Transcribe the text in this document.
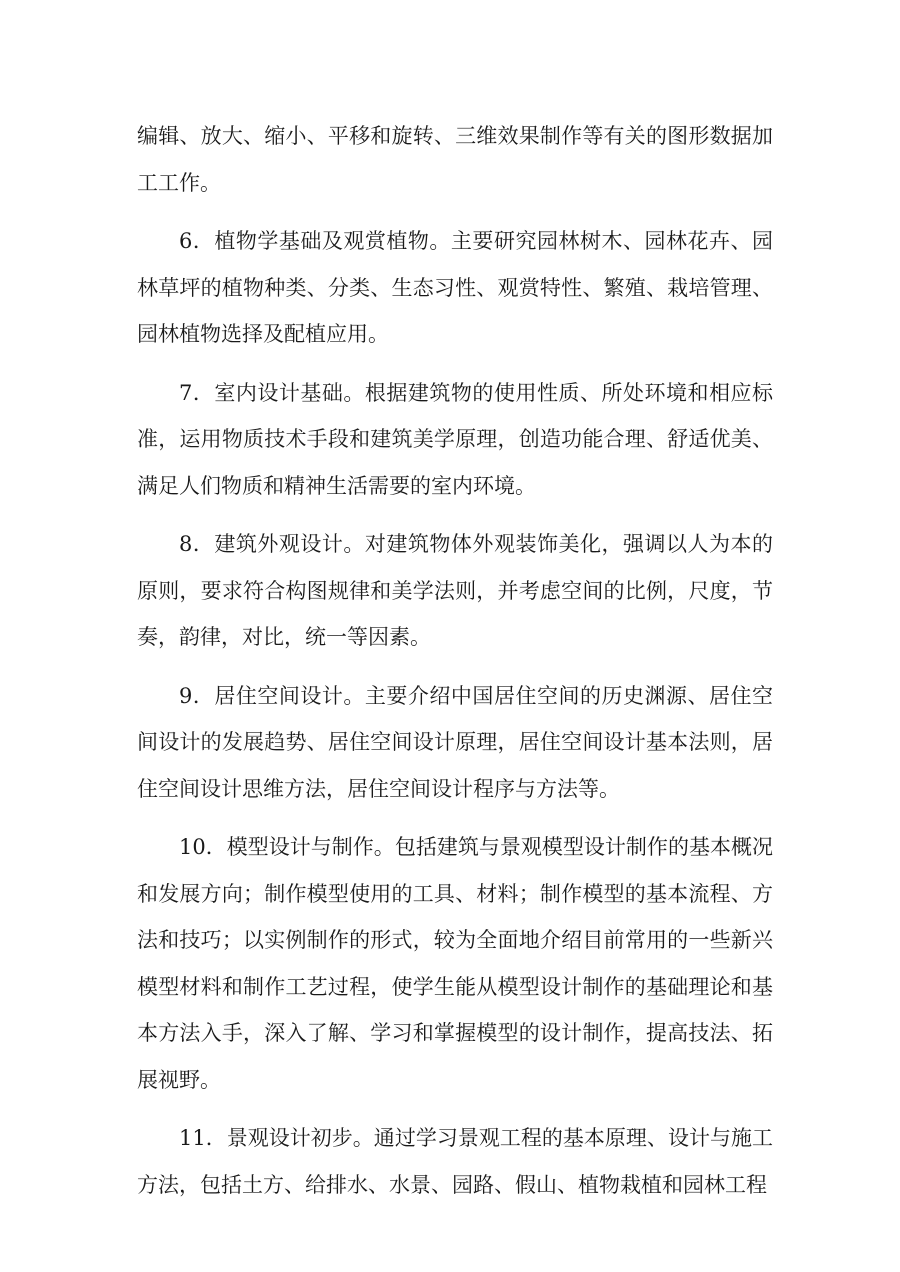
编辑、放大、缩小、平移和旋转、三维效果制作等有关的图形数据加工工作。

6．植物学基础及观赏植物。主要研究园林树木、园林花卉、园林草坪的植物种类、分类、生态习性、观赏特性、繁殖、栽培管理、园林植物选择及配植应用。

7．室内设计基础。根据建筑物的使用性质、所处环境和相应标准，运用物质技术手段和建筑美学原理，创造功能合理、舒适优美、满足人们物质和精神生活需要的室内环境。

8．建筑外观设计。对建筑物体外观装饰美化，强调以人为本的原则，要求符合构图规律和美学法则，并考虑空间的比例，尺度，节奏，韵律，对比，统一等因素。

9．居住空间设计。主要介绍中国居住空间的历史渊源、居住空间设计的发展趋势、居住空间设计原理，居住空间设计基本法则，居住空间设计思维方法，居住空间设计程序与方法等。

10．模型设计与制作。包括建筑与景观模型设计制作的基本概况和发展方向；制作模型使用的工具、材料；制作模型的基本流程、方法和技巧；以实例制作的形式，较为全面地介绍目前常用的一些新兴模型材料和制作工艺过程，使学生能从模型设计制作的基础理论和基本方法入手，深入了解、学习和掌握模型的设计制作，提高技法、拓展视野。

11．景观设计初步。通过学习景观工程的基本原理、设计与施工方法，包括土方、给排水、水景、园路、假山、植物栽植和园林工程
